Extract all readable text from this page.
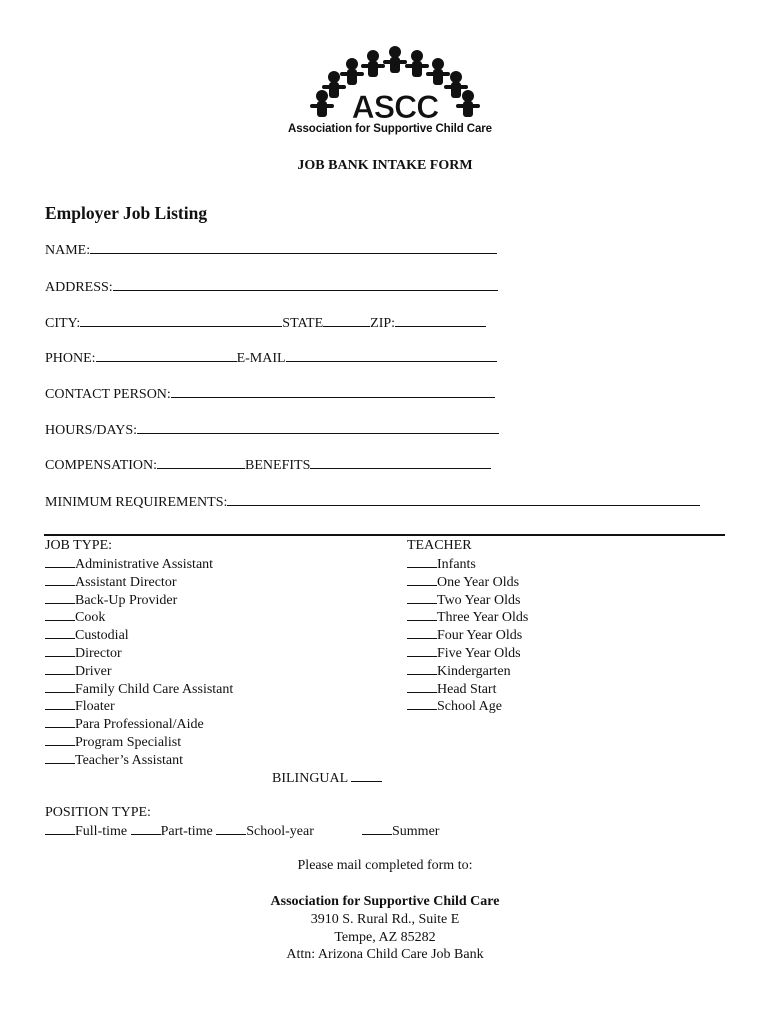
ASCC
Association for Supportive Child Care
JOB BANK INTAKE FORM
Employer Job Listing
NAME:
ADDRESS:
CITY:	STATE	ZIP:
PHONE:	E-MAIL
CONTACT PERSON:
HOURS/DAYS:
COMPENSATION:	BENEFITS
MINIMUM REQUIREMENTS:
JOB TYPE:
Administrative Assistant
Assistant Director
Back-Up Provider
Cook
Custodial
Director
Driver
Family Child Care Assistant
Floater
Para Professional/Aide
Program Specialist
Teacher’s Assistant
TEACHER
Infants
One Year Olds
Two Year Olds
Three Year Olds
Four Year Olds
Five Year Olds
Kindergarten
Head Start
School Age
BILINGUAL
POSITION TYPE:
Full-time Part-time School-year	Summer
Please mail completed form to:
Association for Supportive Child Care
3910 S. Rural Rd., Suite E
Tempe, AZ 85282
Attn: Arizona Child Care Job Bank
